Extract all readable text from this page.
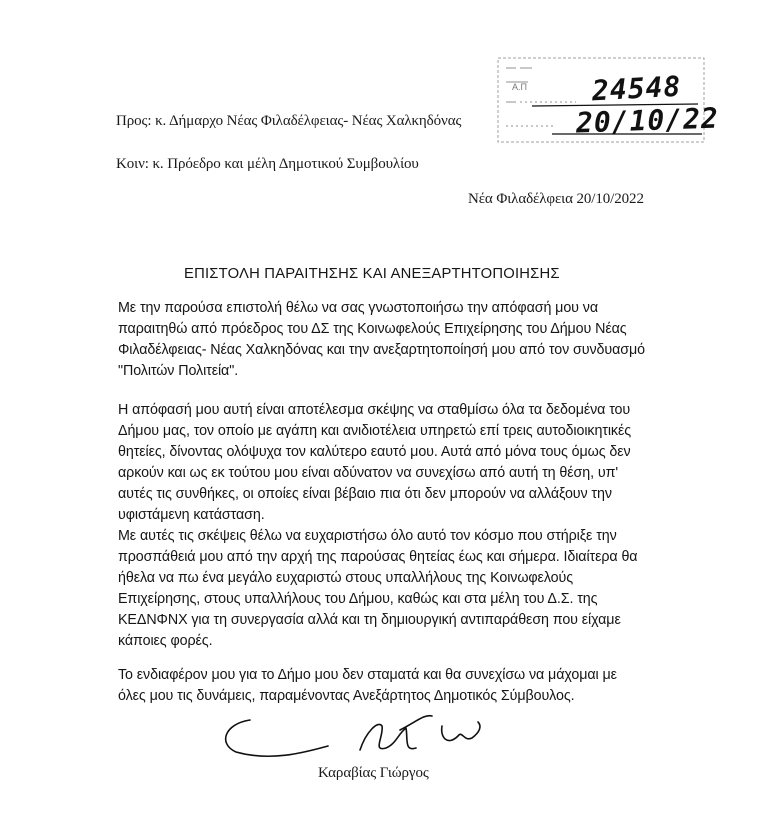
Α.Π 24548
20/10/22
Προς: κ. Δήμαρχο Νέας Φιλαδέλφειας- Νέας Χαλκηδόνας
Κοιν: κ. Πρόεδρο και μέλη Δημοτικού Συμβουλίου
Νέα Φιλαδέλφεια 20/10/2022
ΕΠΙΣΤΟΛΗ ΠΑΡΑΙΤΗΣΗΣ ΚΑΙ ΑΝΕΞΑΡΤΗΤΟΠΟΙΗΣΗΣ
Με την παρούσα επιστολή θέλω να σας γνωστοποιήσω την απόφασή μου να
παραιτηθώ από πρόεδρος του ΔΣ της Κοινωφελούς Επιχείρησης του Δήμου Νέας
Φιλαδέλφειας- Νέας Χαλκηδόνας και την ανεξαρτητοποίησή μου από τον συνδυασμό
"Πολιτών Πολιτεία".
Η απόφασή μου αυτή είναι αποτέλεσμα σκέψης να σταθμίσω όλα τα δεδομένα του
Δήμου μας, τον οποίο με αγάπη και ανιδιοτέλεια υπηρετώ επί τρεις αυτοδιοικητικές
θητείες, δίνοντας ολόψυχα τον καλύτερο εαυτό μου. Αυτά από μόνα τους όμως δεν
αρκούν και ως εκ τούτου μου είναι αδύνατον να συνεχίσω από αυτή τη θέση, υπ'
αυτές τις συνθήκες, οι οποίες είναι βέβαιο πια ότι δεν μπορούν να αλλάξουν την
υφιστάμενη κατάσταση.
Με αυτές τις σκέψεις θέλω να ευχαριστήσω όλο αυτό τον κόσμο που στήριξε την
προσπάθειά μου από την αρχή της παρούσας θητείας έως και σήμερα. Ιδιαίτερα θα
ήθελα να πω ένα μεγάλο ευχαριστώ στους υπαλλήλους της Κοινωφελούς
Επιχείρησης, στους υπαλλήλους του Δήμου, καθώς και στα μέλη του Δ.Σ. της
ΚΕΔΝΦΝΧ για τη συνεργασία αλλά και τη δημιουργική αντιπαράθεση που είχαμε
κάποιες φορές.
Το ενδιαφέρον μου για το Δήμο μου δεν σταματά και θα συνεχίσω να μάχομαι με
όλες μου τις δυνάμεις, παραμένοντας Ανεξάρτητος Δημοτικός Σύμβουλος.
Καραβίας Γιώργος
